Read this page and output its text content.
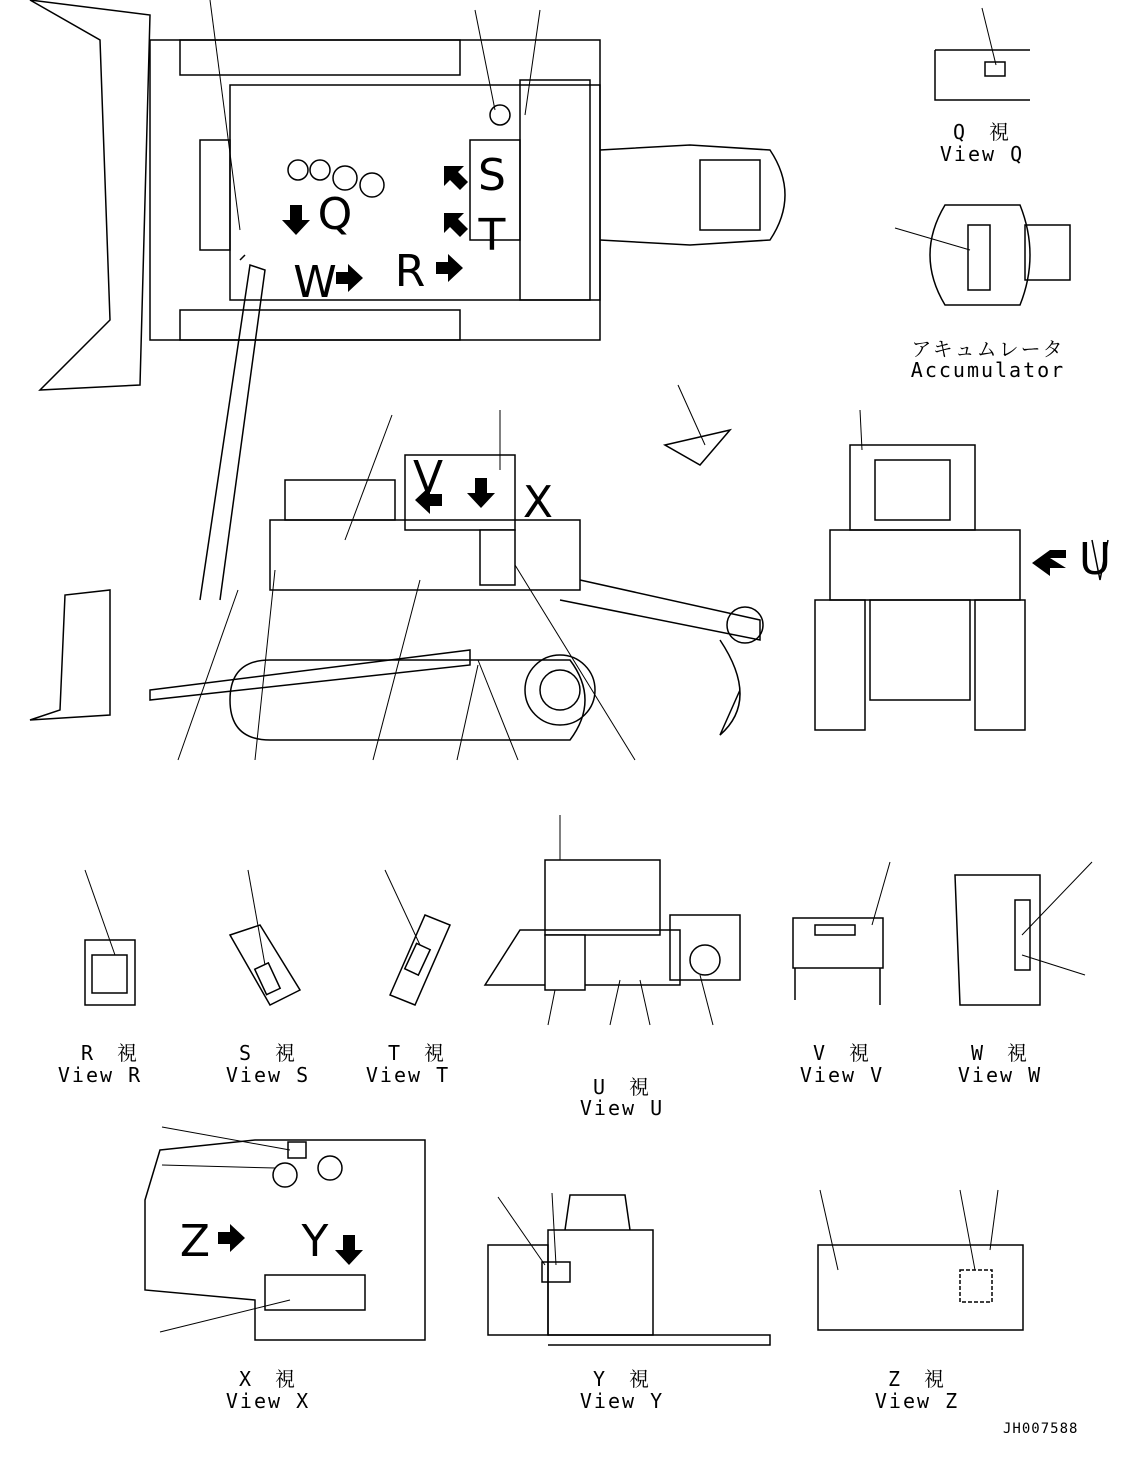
Q
S
T
W R
V X
U
Z Y
Q　視
View Q
アキュムレータ
Accumulator
R　視
View R
S　視
View S
T　視
View T	U　視
View U
V　視
View V
W　視
View W
X　視
View X
Y　視
View Y
Z　視
View Z
JH007588
